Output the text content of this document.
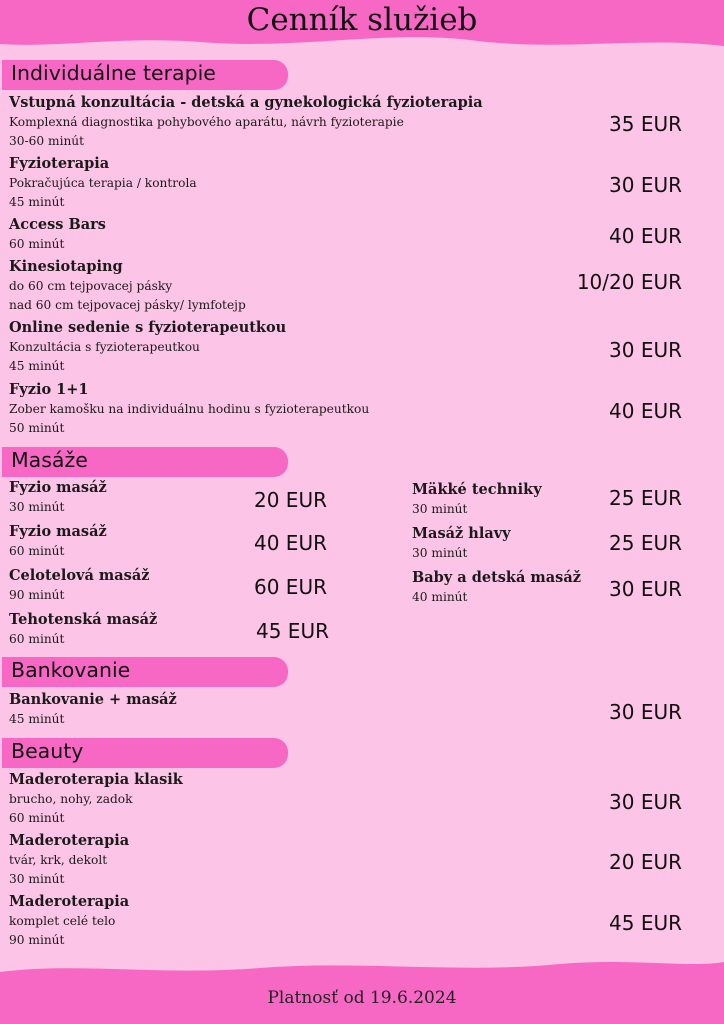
Cenník služieb
Individuálne terapie
Vstupná konzultácia - detská a gynekologická fyzioterapia
Komplexná diagnostika pohybového aparátu, návrh fyzioterapie
30-60 minút
35 EUR
Fyzioterapia
Pokračujúca terapia / kontrola
45 minút
30 EUR
Access Bars
60 minút	40 EUR
Kinesiotaping
do 60 cm tejpovacej pásky
nad 60 cm tejpovacej pásky/ lymfotejp
10/20 EUR
Online sedenie s fyzioterapeutkou
Konzultácia s fyzioterapeutkou
45 minút
30 EUR
Fyzio 1+1
Zober kamošku na individuálnu hodinu s fyzioterapeutkou
50 minút
40 EUR
Masáže
Fyzio masáž
30 minút	20 EUR
Fyzio masáž
60 minút	40 EUR
Celotelová masáž
90 minút	60 EUR
Tehotenská masáž
60 minút	45 EUR
Mäkké techniky
30 minút	25 EUR
Masáž hlavy
30 minút	25 EUR
Baby a detská masáž
40 minút	30 EUR
Bankovanie
Bankovanie + masáž
45 minút	30 EUR
Beauty
Maderoterapia klasik
brucho, nohy, zadok
60 minút
30 EUR
Maderoterapia
tvár, krk, dekolt
30 minút
20 EUR
Maderoterapia
komplet celé telo
90 minút
45 EUR
Platnosť od 19.6.2024
